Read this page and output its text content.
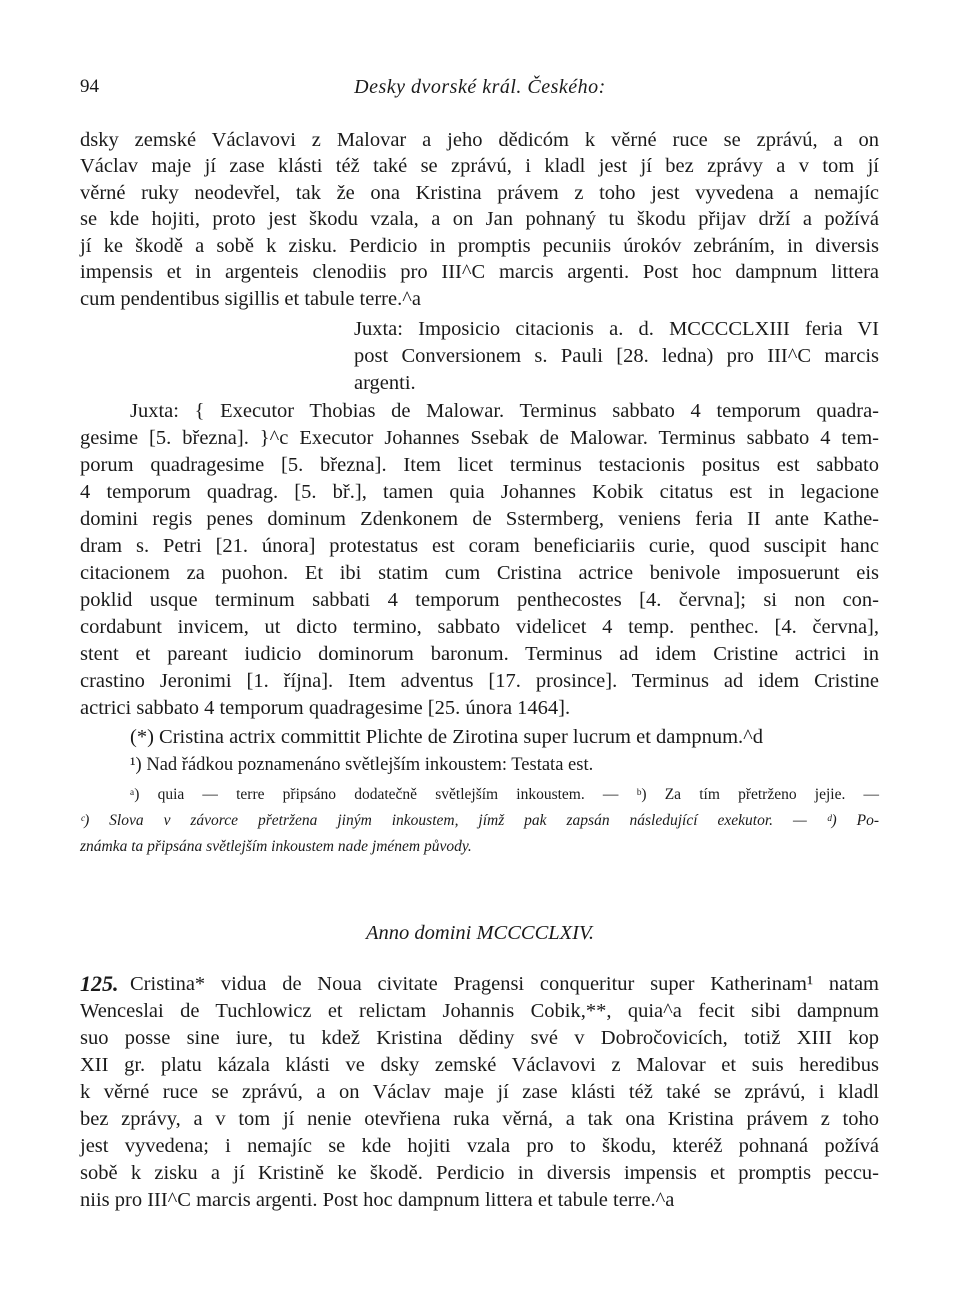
94	Desky dvorské král. Českého:
dsky zemské Václavovi z Malovar a jeho dědicóm k věrné ruce se zprávú, a on
Václav maje jí zase klásti též také se zprávú, i kladl jest jí bez zprávy a v tom jí
věrné ruky neodevřel, tak že ona Kristina právem z toho jest vyvedena a nemajíc
se kde hojiti, proto jest škodu vzala, a on Jan pohnaný tu škodu přijav drží a požívá
jí ke škodě a sobě k zisku. Perdicio in promptis pecuniis úrokóv zebráním, in diversis
impensis et in argenteis clenodiis pro III^C marcis argenti. Post hoc dampnum littera
cum pendentibus sigillis et tabule terre.^a
Juxta: Imposicio citacionis a. d. MCCCCLXIII feria VI
post Conversionem s. Pauli [28. ledna) pro III^C marcis
argenti.
Juxta: { Executor Thobias de Malowar. Terminus sabbato 4 temporum quadra-
gesime [5. března]. }^c Executor Johannes Ssebak de Malowar. Terminus sabbato 4 tem-
porum quadragesime [5. března]. Item licet terminus testacionis positus est sabbato
4 temporum quadrag. [5. bř.], tamen quia Johannes Kobik citatus est in legacione
domini regis penes dominum Zdenkonem de Sstermberg, veniens feria II ante Kathe-
dram s. Petri [21. února] protestatus est coram beneficiariis curie, quod suscipit hanc
citacionem za puohon. Et ibi statim cum Cristina actrice benivole imposuerunt eis
poklid usque terminum sabbati 4 temporum penthecostes [4. června]; si non con-
cordabunt invicem, ut dicto termino, sabbato videlicet 4 temp. penthec. [4. června],
stent et pareant iudicio dominorum baronum. Terminus ad idem Cristine actrici in
crastino Jeronimi [1. října]. Item adventus [17. prosince]. Terminus ad idem Cristine
actrici sabbato 4 temporum quadragesime [25. února 1464].
(*) Cristina actrix committit Plichte de Zirotina super lucrum et dampnum.^d
¹) Nad řádkou poznamenáno světlejším inkoustem: Testata est.
ᵃ) quia — terre připsáno dodatečně světlejším inkoustem. — ᵇ) Za tím přetrženo jejie. —
ᶜ) Slova v závorce přetržena jiným inkoustem, jímž pak zapsán následující exekutor. — ᵈ) Po-
známka ta připsána světlejším inkoustem nade jménem původy.
Anno domini MCCCCLXIV.
125. Cristina* vidua de Noua civitate Pragensi conqueritur super Katherinam¹ natam
Wenceslai de Tuchlowicz et relictam Johannis Cobik,**, quia^a fecit sibi dampnum
suo posse sine iure, tu kdež Kristina dědiny své v Dobročovicích, totiž XIII kop
XII gr. platu kázala klásti ve dsky zemské Václavovi z Malovar et suis heredibus
k věrné ruce se zprávú, a on Václav maje jí zase klásti též také se zprávú, i kladl
bez zprávy, a v tom jí nenie otevřiena ruka věrná, a tak ona Kristina právem z toho
jest vyvedena; i nemajíc se kde hojiti vzala pro to škodu, kteréž pohnaná požívá
sobě k zisku a jí Kristině ke škodě. Perdicio in diversis impensis et promptis peccu-
niis pro III^C marcis argenti. Post hoc dampnum littera et tabule terre.^a
